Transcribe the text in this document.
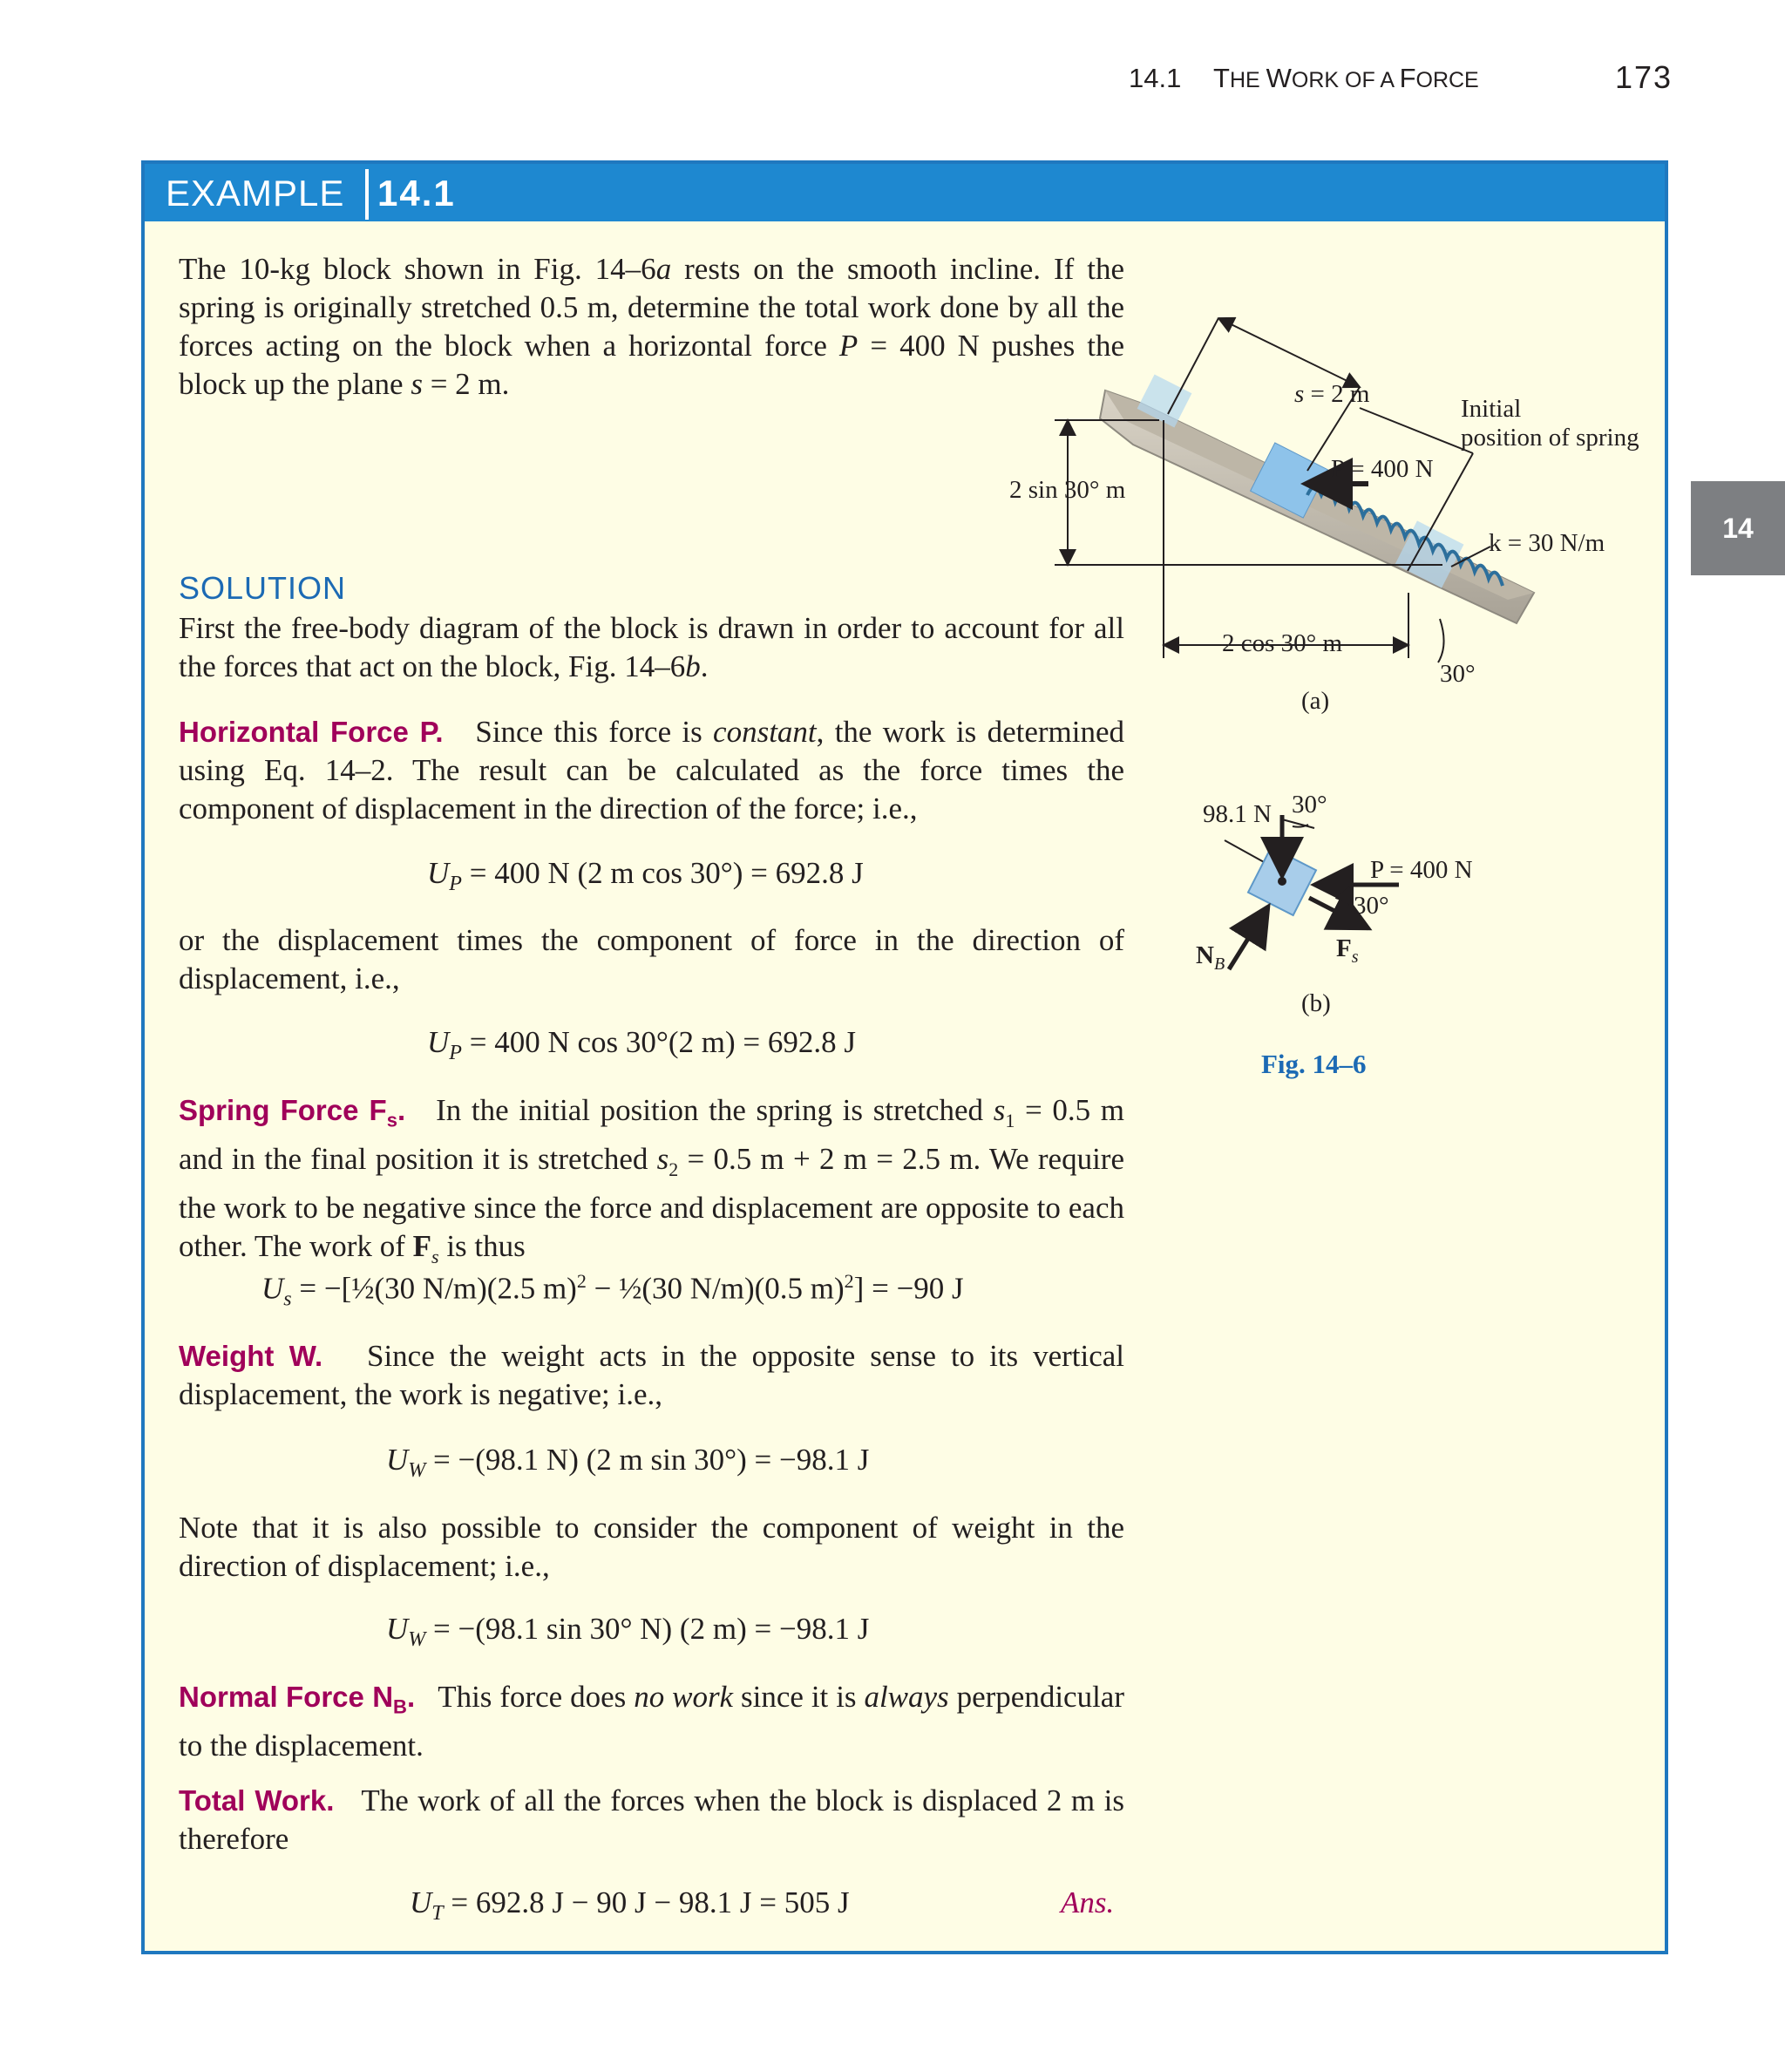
14.1 THE WORK OF A FORCE	173
14
EXAMPLE 14.1

The 10-kg block shown in Fig. 14–6a rests on the smooth incline. If the spring is originally stretched 0.5 m, determine the total work done by all the forces acting on the block when a horizontal force P = 400 N pushes the block up the plane s = 2 m.

SOLUTION

First the free-body diagram of the block is drawn in order to account for all the forces that act on the block, Fig. 14–6b.

Horizontal Force P. Since this force is constant, the work is determined using Eq. 14–2. The result can be calculated as the force times the component of displacement in the direction of the force; i.e.,

$U_P = 400$ N (2 m cos 30°) = 692.8 J

or the displacement times the component of force in the direction of displacement, i.e.,

$U_P = 400$ N cos 30°(2 m) = 692.8 J

Spring Force $F_s$. In the initial position the spring is stretched $s_1 = 0.5$ m and in the final position it is stretched $s_2 = 0.5$ m + 2 m = 2.5 m. We require the work to be negative since the force and displacement are opposite to each other. The work of $F_s$ is thus

$U_s$ = −[½(30 N/m)(2.5 m)$^2$ − ½(30 N/m)(0.5 m)$^2$] = −90 J

Weight W. Since the weight acts in the opposite sense to its vertical displacement, the work is negative; i.e.,

$U_W = -(98.1$ N) (2 m sin 30°) = −98.1 J

Note that it is also possible to consider the component of weight in the direction of displacement; i.e.,

$U_W = -(98.1$ sin 30° N) (2 m) = −98.1 J

Normal Force $N_B$. This force does no work since it is always perpendicular to the displacement.

Total Work. The work of all the forces when the block is displaced 2 m is therefore

$U_T = 692.8$ J − 90 J − 98.1 J = 505 J	Ans.
s = 2 m
Initial
position of spring
P = 400 N
2 sin 30° m
k = 30 N/m
2 cos 30° m
30°
(a)
98.1 N 30°
P = 400 N
30°
$N_B$
$F_s$
(b)
Fig. 14–6
